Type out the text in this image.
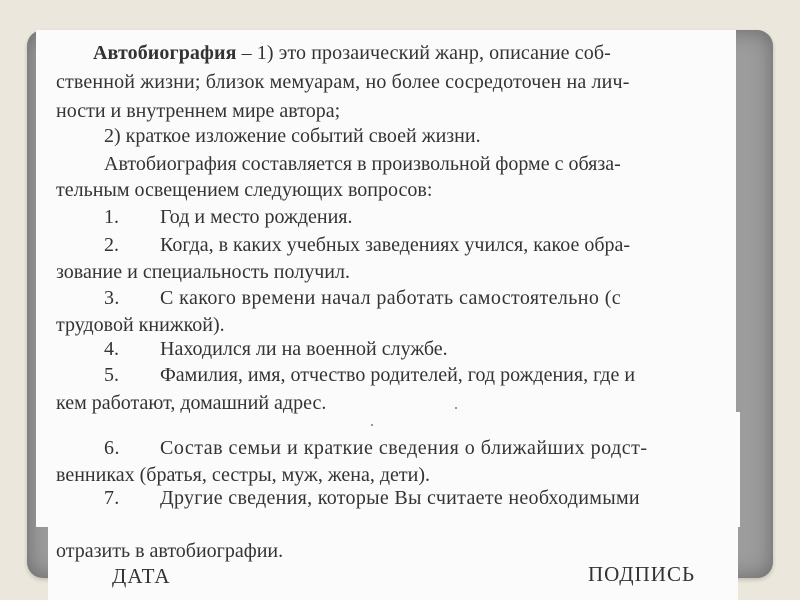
Автобиография – 1) это прозаический жанр, описание соб-

ственной жизни; близок мемуарам, но более сосредоточен на лич-

ности и внутреннем мире автора;

2) краткое изложение событий своей жизни.

Автобиография составляется в произвольной форме с обяза-

тельным освещением следующих вопросов:

1. Год и место рождения.

2. Когда, в каких учебных заведениях учился, какое обра-

зование и специальность получил.

3. С какого времени начал работать самостоятельно (с

трудовой книжкой).

4. Находился ли на военной службе.

5. Фамилия, имя, отчество родителей, год рождения, где и

кем работают, домашний адрес.

6. Состав семьи и краткие сведения о ближайших родст-

венниках (братья, сестры, муж, жена, дети).

7. Другие сведения, которые Вы считаете необходимыми

отразить в автобиографии.

ДАТА	ПОДПИСЬ
